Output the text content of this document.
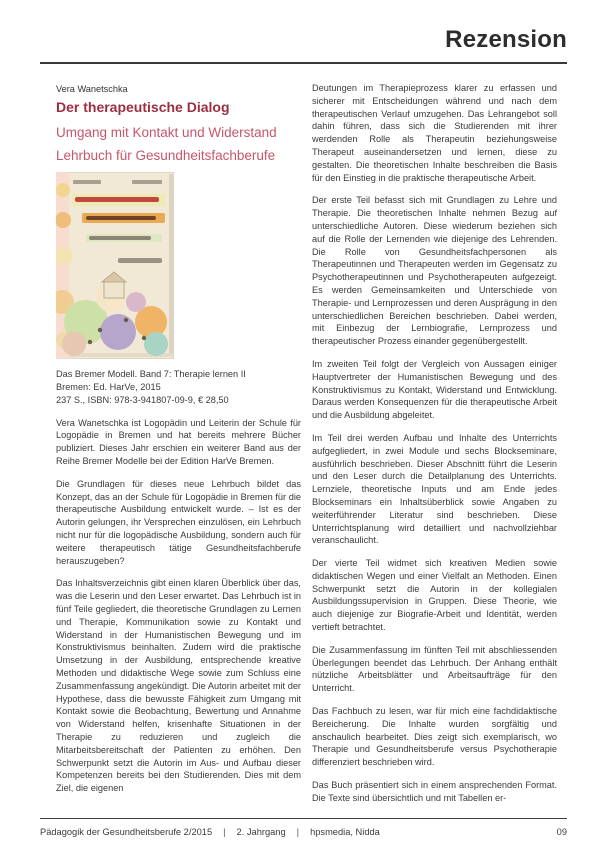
Rezension
Vera Wanetschka
Der therapeutische Dialog
Umgang mit Kontakt und Widerstand
Lehrbuch für Gesundheitsfachberufe
Das Bremer Modell. Band 7: Therapie lernen II
Bremen: Ed. HarVe, 2015
237 S., ISBN: 978-3-941807-09-9, € 28,50

Vera Wanetschka ist Logopädin und Leiterin der Schule für Logopädie in Bremen und hat bereits mehrere Bücher publiziert. Dieses Jahr erschien ein weiterer Band aus der Reihe Bremer Modelle bei der Edition HarVe Bremen.

Die Grundlagen für dieses neue Lehrbuch bildet das Konzept, das an der Schule für Logopädie in Bremen für die therapeutische Ausbildung entwickelt wurde. – Ist es der Autorin gelungen, ihr Versprechen einzulösen, ein Lehrbuch nicht nur für die logopädische Ausbildung, sondern auch für weitere therapeutisch tätige Gesundheitsfachberufe herauszugeben?

Das Inhaltsverzeichnis gibt einen klaren Überblick über das, was die Leserin und den Leser erwartet. Das Lehrbuch ist in fünf Teile gegliedert, die theoretische Grundlagen zu Lernen und Therapie, Kommunikation sowie zu Kontakt und Widerstand in der Humanistischen Bewegung und im Konstruktivismus beinhalten. Zudem wird die praktische Umsetzung in der Ausbildung, entsprechende kreative Methoden und didaktische Wege sowie zum Schluss eine Zusammenfassung angekündigt. Die Autorin arbeitet mit der Hypothese, dass die bewusste Fähigkeit zum Umgang mit Kontakt sowie die Beobachtung, Bewertung und Annahme von Widerstand helfen, krisenhafte Situationen in der Therapie zu reduzieren und zugleich die Mitarbeitsbereitschaft der Patienten zu erhöhen. Den Schwerpunkt setzt die Autorin im Aus- und Aufbau dieser Kompetenzen bereits bei den Studierenden. Dies mit dem Ziel, die eigenen

Deutungen im Therapieprozess klarer zu erfassen und sicherer mit Entscheidungen während und nach dem therapeutischen Verlauf umzugehen. Das Lehrangebot soll dahin führen, dass sich die Studierenden mit ihrer werdenden Rolle als Therapeutin beziehungsweise Therapeut auseinandersetzen und lernen, diese zu gestalten. Die theoretischen Inhalte beschreiben die Basis für den Einstieg in die praktische therapeutische Arbeit.

Der erste Teil befasst sich mit Grundlagen zu Lehre und Therapie. Die theoretischen Inhalte nehmen Bezug auf unterschiedliche Autoren. Diese wiederum beziehen sich auf die Rolle der Lernenden wie diejenige des Lehrenden. Die Rolle von Gesundheitsfachpersonen als Therapeutinnen und Therapeuten werden im Gegensatz zu Psychotherapeutinnen und Psychotherapeuten aufgezeigt. Es werden Gemeinsamkeiten und Unterschiede von Therapie- und Lernprozessen und deren Ausprägung in den unterschiedlichen Bereichen beschrieben. Dabei werden, mit Einbezug der Lernbiografie, Lernprozess und therapeutischer Prozess einander gegenübergestellt.

Im zweiten Teil folgt der Vergleich von Aussagen einiger Hauptvertreter der Humanistischen Bewegung und des Konstruktivismus zu Kontakt, Widerstand und Entwicklung. Daraus werden Konsequenzen für die therapeutische Arbeit und die Ausbildung abgeleitet.

Im Teil drei werden Aufbau und Inhalte des Unterrichts aufgegliedert, in zwei Module und sechs Blockseminare, ausführlich beschrieben. Dieser Abschnitt führt die Leserin und den Leser durch die Detailplanung des Unterrichts. Lernziele, theoretische Inputs und am Ende jedes Blockseminars ein Inhaltsüberblick sowie Angaben zu weiterführender Literatur sind beschrieben. Diese Unterrichtsplanung wird detailliert und nachvollziehbar veranschaulicht.

Der vierte Teil widmet sich kreativen Medien sowie didaktischen Wegen und einer Vielfalt an Methoden. Einen Schwerpunkt setzt die Autorin in der kollegialen Ausbildungssupervision in Gruppen. Diese Theorie, wie auch diejenige zur Biografie-Arbeit und Identität, werden vertieft betrachtet.

Die Zusammenfassung im fünften Teil mit abschliessenden Überlegungen beendet das Lehrbuch. Der Anhang enthält nützliche Arbeitsblätter und Arbeitsaufträge für den Unterricht.

Das Fachbuch zu lesen, war für mich eine fachdidaktische Bereicherung. Die Inhalte wurden sorgfältig und anschaulich bearbeitet. Dies zeigt sich exemplarisch, wo Therapie und Gesundheitsberufe versus Psychotherapie differenziert beschrieben wird.

Das Buch präsentiert sich in einem ansprechenden Format. Die Texte sind übersichtlich und mit Tabellen er-

Pädagogik der Gesundheitsberufe 2/2015 | 2. Jahrgang | hpsmedia, Nidda	09
